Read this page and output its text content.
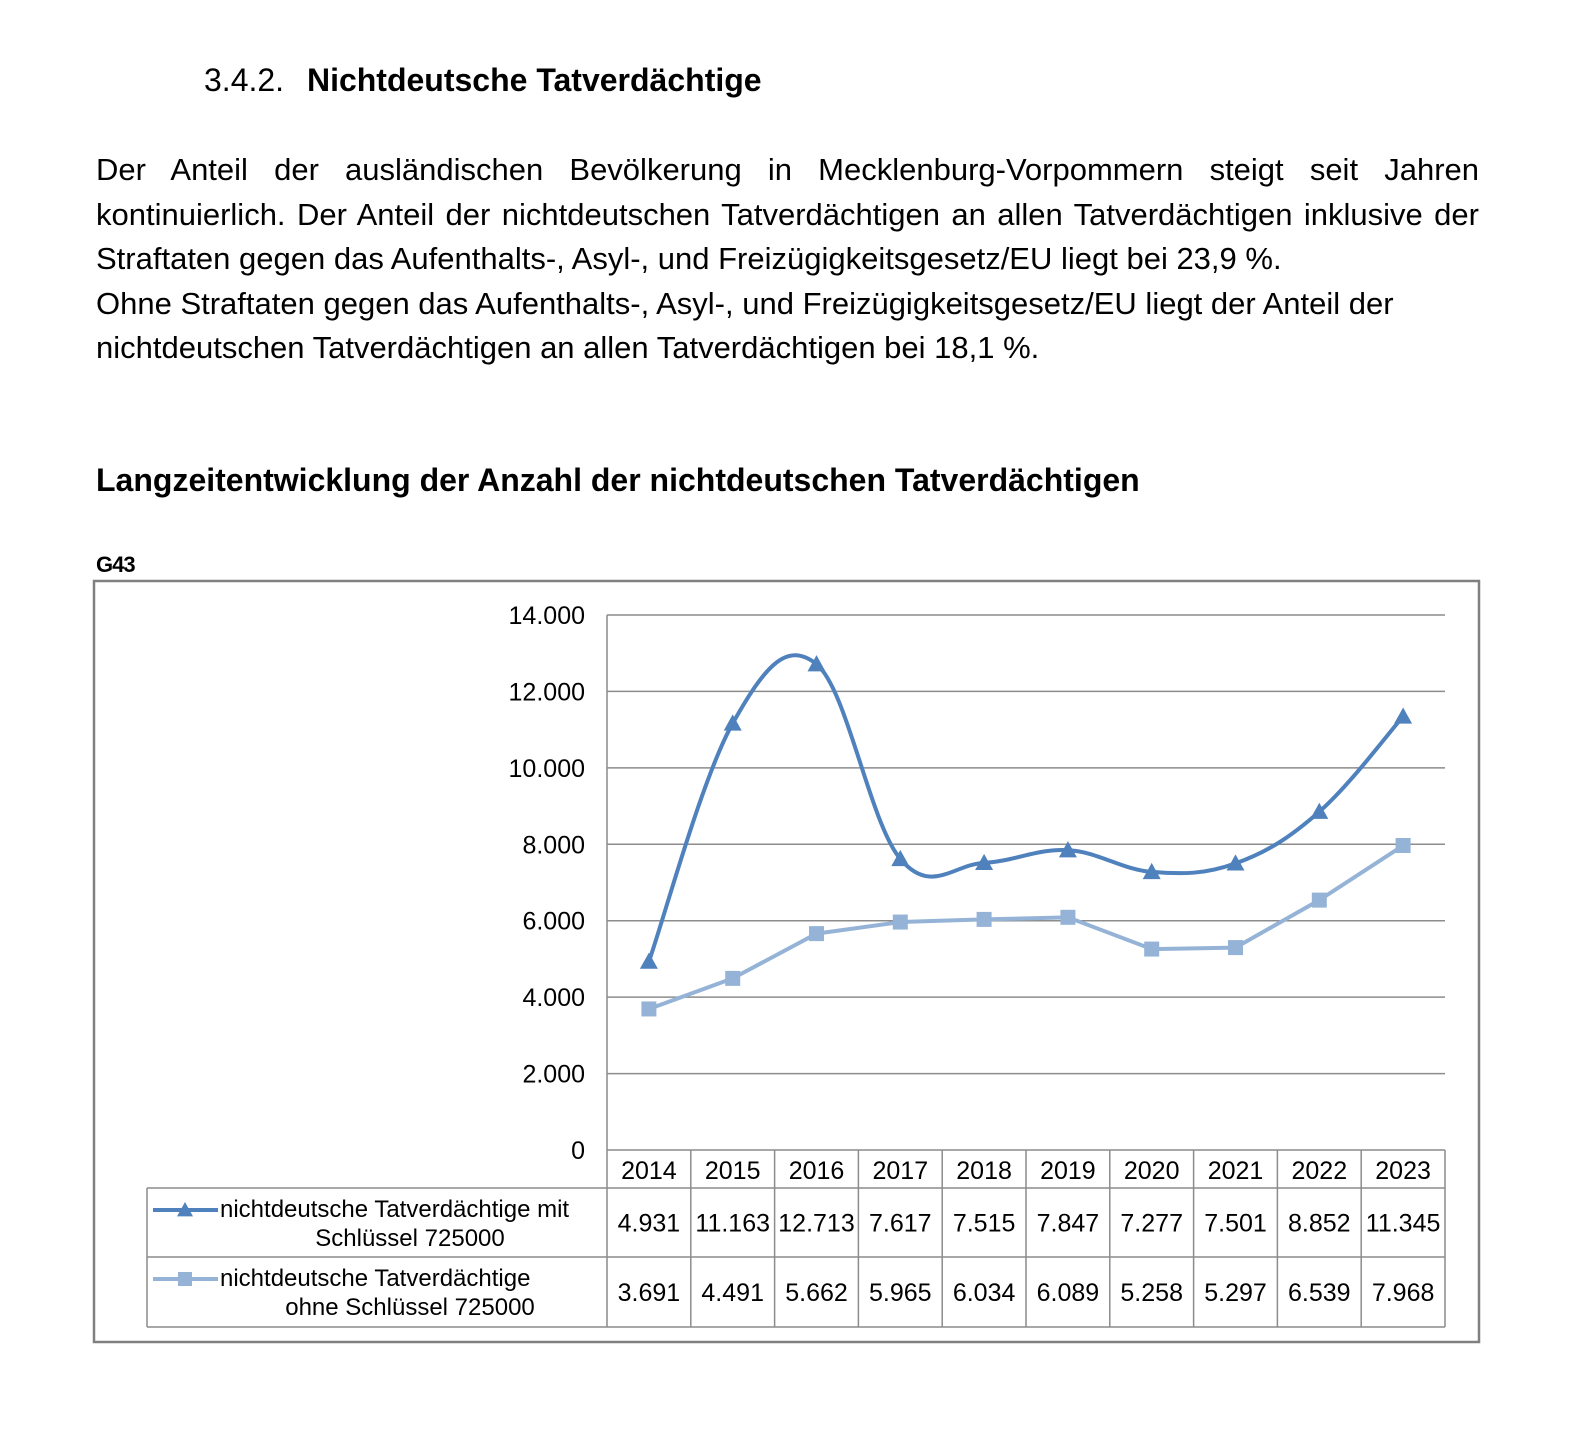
3.4.2. Nichtdeutsche Tatverdächtige

Der Anteil der ausländischen Bevölkerung in Mecklenburg-Vorpommern steigt seit Jahren kontinuierlich. Der Anteil der nichtdeutschen Tatverdächtigen an allen Tatverdächtigen inklusive der Straftaten gegen das Aufenthalts-, Asyl-, und Freizügigkeitsgesetz/EU liegt bei 23,9 %.

Ohne Straftaten gegen das Aufenthalts-, Asyl-, und Freizügigkeitsgesetz/EU liegt der Anteil der nichtdeutschen Tatverdächtigen an allen Tatverdächtigen bei 18,1 %.

Langzeitentwicklung der Anzahl der nichtdeutschen Tatverdächtigen
G43
0
2.000
4.000
6.000
8.000
10.000
12.000
14.000
2014 2015 2016 2017 2018 2019 2020 2021 2022 2023
nichtdeutsche Tatverdächtige mit
Schlüssel 725000
4.931 11.163 12.713 7.617 7.515 7.847 7.277 7.501 8.852 11.345
nichtdeutsche Tatverdächtige
ohne Schlüssel 725000
3.691 4.491 5.662 5.965 6.034 6.089 5.258 5.297 6.539 7.968
